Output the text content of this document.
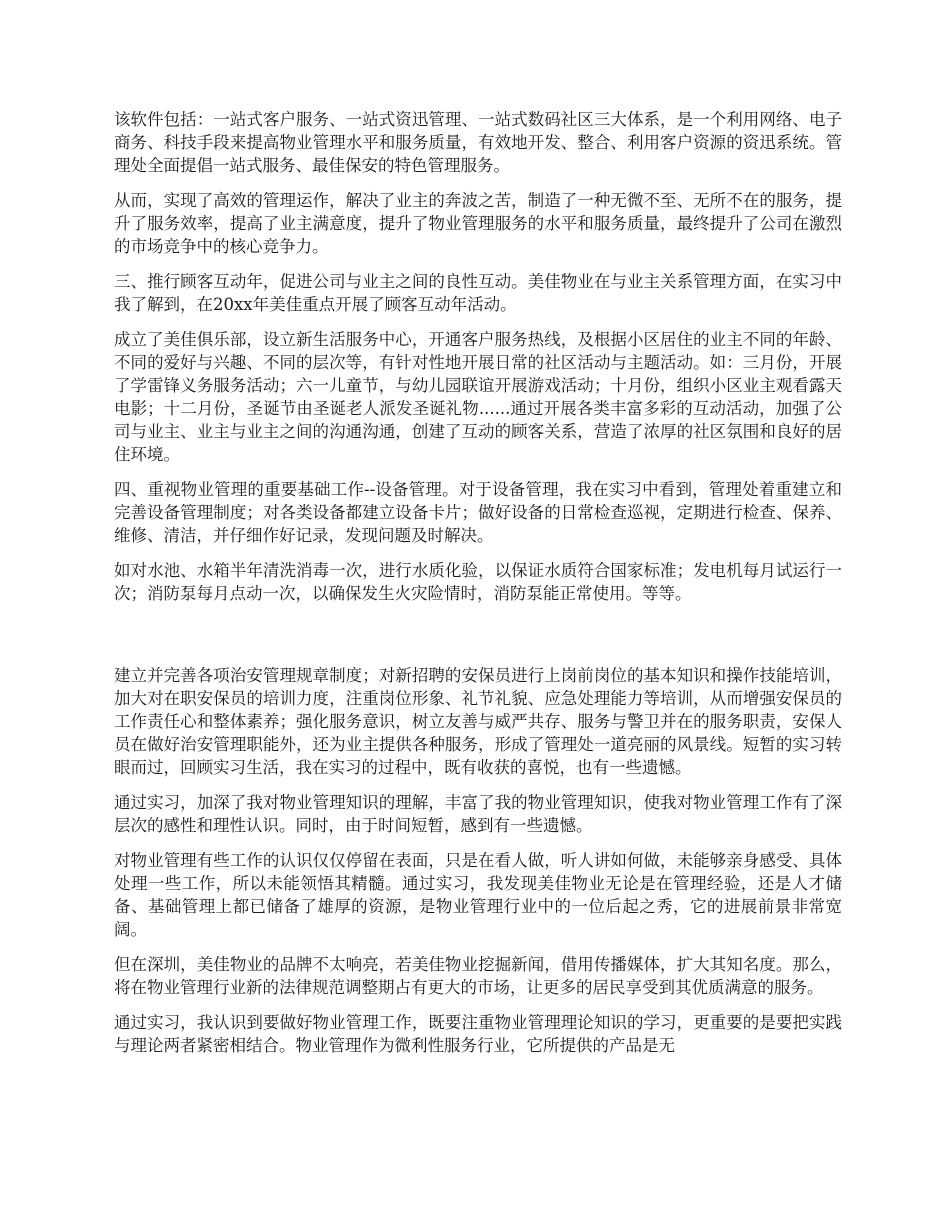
该软件包括：一站式客户服务、一站式资迅管理、一站式数码社区三大体系，是一个利用网络、电子商务、科技手段来提高物业管理水平和服务质量，有效地开发、整合、利用客户资源的资迅系统。管理处全面提倡一站式服务、最佳保安的特色管理服务。

从而，实现了高效的管理运作，解决了业主的奔波之苦，制造了一种无微不至、无所不在的服务，提升了服务效率，提高了业主满意度，提升了物业管理服务的水平和服务质量，最终提升了公司在激烈的市场竞争中的核心竞争力。

三、推行顾客互动年，促进公司与业主之间的良性互动。美佳物业在与业主关系管理方面，在实习中我了解到，在20xx年美佳重点开展了顾客互动年活动。

成立了美佳俱乐部，设立新生活服务中心，开通客户服务热线，及根据小区居住的业主不同的年龄、不同的爱好与兴趣、不同的层次等，有针对性地开展日常的社区活动与主题活动。如：三月份，开展了学雷锋义务服务活动；六一儿童节，与幼儿园联谊开展游戏活动；十月份，组织小区业主观看露天电影；十二月份，圣诞节由圣诞老人派发圣诞礼物......通过开展各类丰富多彩的互动活动，加强了公司与业主、业主与业主之间的沟通沟通，创建了互动的顾客关系，营造了浓厚的社区氛围和良好的居住环境。

四、重视物业管理的重要基础工作--设备管理。对于设备管理，我在实习中看到，管理处着重建立和完善设备管理制度；对各类设备都建立设备卡片；做好设备的日常检查巡视，定期进行检查、保养、维修、清洁，并仔细作好记录，发现问题及时解决。

如对水池、水箱半年清洗消毒一次，进行水质化验，以保证水质符合国家标准；发电机每月试运行一次；消防泵每月点动一次，以确保发生火灾险情时，消防泵能正常使用。等等。

建立并完善各项治安管理规章制度；对新招聘的安保员进行上岗前岗位的基本知识和操作技能培训，加大对在职安保员的培训力度，注重岗位形象、礼节礼貌、应急处理能力等培训，从而增强安保员的工作责任心和整体素养；强化服务意识，树立友善与威严共存、服务与警卫并在的服务职责，安保人员在做好治安管理职能外，还为业主提供各种服务，形成了管理处一道亮丽的风景线。短暂的实习转眼而过，回顾实习生活，我在实习的过程中，既有收获的喜悦，也有一些遗憾。

通过实习，加深了我对物业管理知识的理解，丰富了我的物业管理知识，使我对物业管理工作有了深层次的感性和理性认识。同时，由于时间短暂，感到有一些遗憾。

对物业管理有些工作的认识仅仅停留在表面，只是在看人做，听人讲如何做，未能够亲身感受、具体处理一些工作，所以未能领悟其精髓。通过实习，我发现美佳物业无论是在管理经验，还是人才储备、基础管理上都已储备了雄厚的资源，是物业管理行业中的一位后起之秀，它的进展前景非常宽阔。

但在深圳，美佳物业的品牌不太响亮，若美佳物业挖掘新闻，借用传播媒体，扩大其知名度。那么，将在物业管理行业新的法律规范调整期占有更大的市场，让更多的居民享受到其优质满意的服务。

通过实习，我认识到要做好物业管理工作，既要注重物业管理理论知识的学习，更重要的是要把实践与理论两者紧密相结合。物业管理作为微利性服务行业，它所提供的产品是无
